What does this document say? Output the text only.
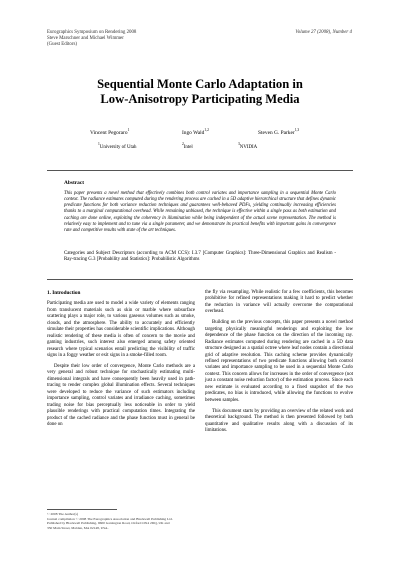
Eurographics Symposium on Rendering 2008
Steve Marschner and Michael Wimmer
(Guest Editors)
Volume 27 (2008), Number 4
Sequential Monte Carlo Adaptation in
Low-Anisotropy Participating Media
Vincent Pegoraro$^1$	Ingo Wald$^{1,2}$	Steven G. Parker$^{1,3}$
$^1$University of Utah
$^2$Intel
$^3$NVIDIA
Abstract
This paper presents a novel method that effectively combines both control variates and importance sampling in a sequential Monte Carlo context. The radiance estimates computed during the rendering process are cached in a 5D adaptive hierarchical structure that defines dynamic predicate functions for both variance reduction techniques and guarantees well-behaved PDFs, yielding continually increasing efficiencies thanks to a marginal computational overhead. While remaining unbiased, the technique is effective within a single pass as both estimation and caching are done online, exploiting the coherency in illumination while being independent of the actual scene representation. The method is relatively easy to implement and to tune via a single parameter, and we demonstrate its practical benefits with important gains in convergence rate and competitive results with state of the art techniques.
Categories and Subject Descriptors (according to ACM CCS): I.3.7 [Computer Graphics]: Three-Dimensional Graphics and Realism - Ray-tracing G.3 [Probability and Statistics]: Probabilistic Algorithms
1. Introduction

Participating media are used to model a wide variety of elements ranging from translucent materials such as skin or marble where subsurface scattering plays a major role, to various gaseous volumes such as smoke, clouds, and the atmosphere. The ability to accurately and efficiently simulate their properties has considerable scientific implications. Although realistic rendering of these media is often of concern to the movie and gaming industries, such interest also emerged among safety oriented research where typical scenarios entail predicting the visibility of traffic signs in a foggy weather or exit signs in a smoke-filled room.

Despite their low order of convergence, Monte Carlo methods are a very general and robust technique for stochastically estimating multi-dimensional integrals and have consequently been heavily used in path-tracing to render complex global illumination effects. Several techniques were developed to reduce the variance of such estimators including importance sampling, control variates and irradiance caching, sometimes trading noise for bias perceptually less noticeable in order to yield plausible renderings with practical computation times. Integrating the product of the cached radiance and the phase function must in general be done on

the fly via resampling. While realistic for a few coefficients, this becomes prohibitive for refined representations making it hard to predict whether the reduction in variance will actually overcome the computational overhead.

Building on the previous concepts, this paper presents a novel method targeting physically meaningful renderings and exploiting the low dependence of the phase function on the direction of the incoming ray. Radiance estimates computed during rendering are cached in a 5D data structure designed as a spatial octree where leaf nodes contain a directional grid of adaptive resolution. This caching scheme provides dynamically refined representations of two predicate functions allowing both control variates and importance sampling to be used in a sequential Monte Carlo context. This concern allows for increases in the order of convergence (not just a constant noise reduction factor) of the estimation process. Since each new estimate is evaluated according to a fixed snapshot of the two predicates, no bias is introduced, while allowing the functions to evolve between samples.

This document starts by providing an overview of the related work and theoretical background. The method is then presented followed by both quantitative and qualitative results along with a discussion of its limitations.

© 2008 The Author(s)
Journal compilation © 2008 The Eurographics Association and Blackwell Publishing Ltd.
Published by Blackwell Publishing, 9600 Garsington Road, Oxford OX4 2DQ, UK and
350 Main Street, Malden, MA 02148, USA.
